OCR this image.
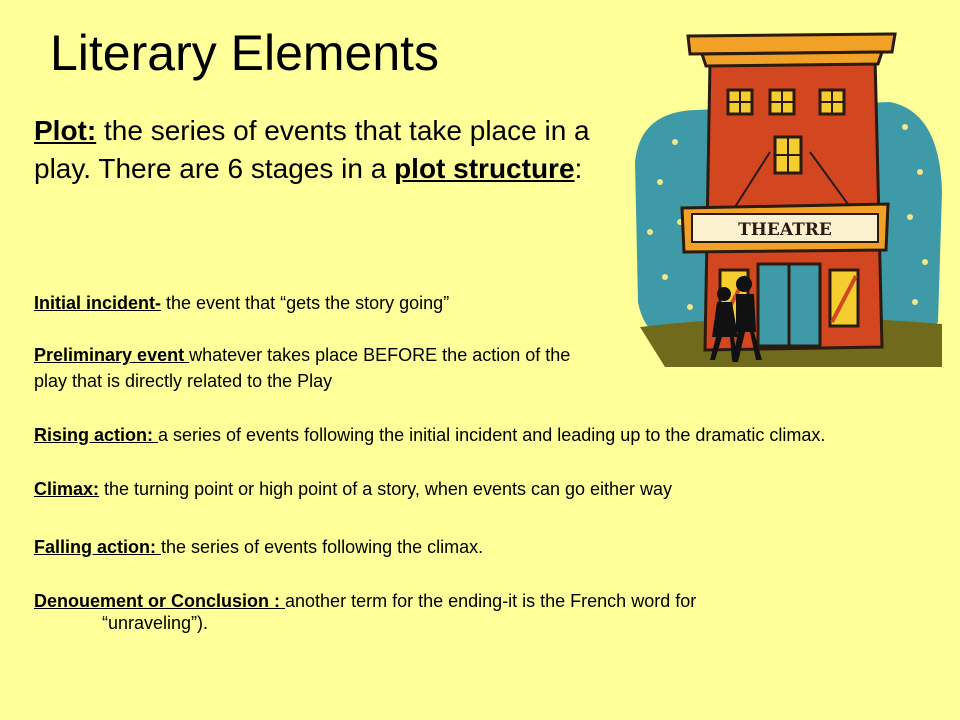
Literary Elements
Plot: the series of events that take place in a play. There are 6 stages in a plot structure:

Initial incident- the event that “gets the story going”

Preliminary event whatever takes place BEFORE the action of the play that is directly related to the Play

Rising action: a series of events following the initial incident and leading up to the dramatic climax.

Climax: the turning point or high point of a story, when events can go either way

Falling action: the series of events following the climax.

Denouement or Conclusion : another term for the ending-it is the French word for
“unraveling”).

THEATRE
